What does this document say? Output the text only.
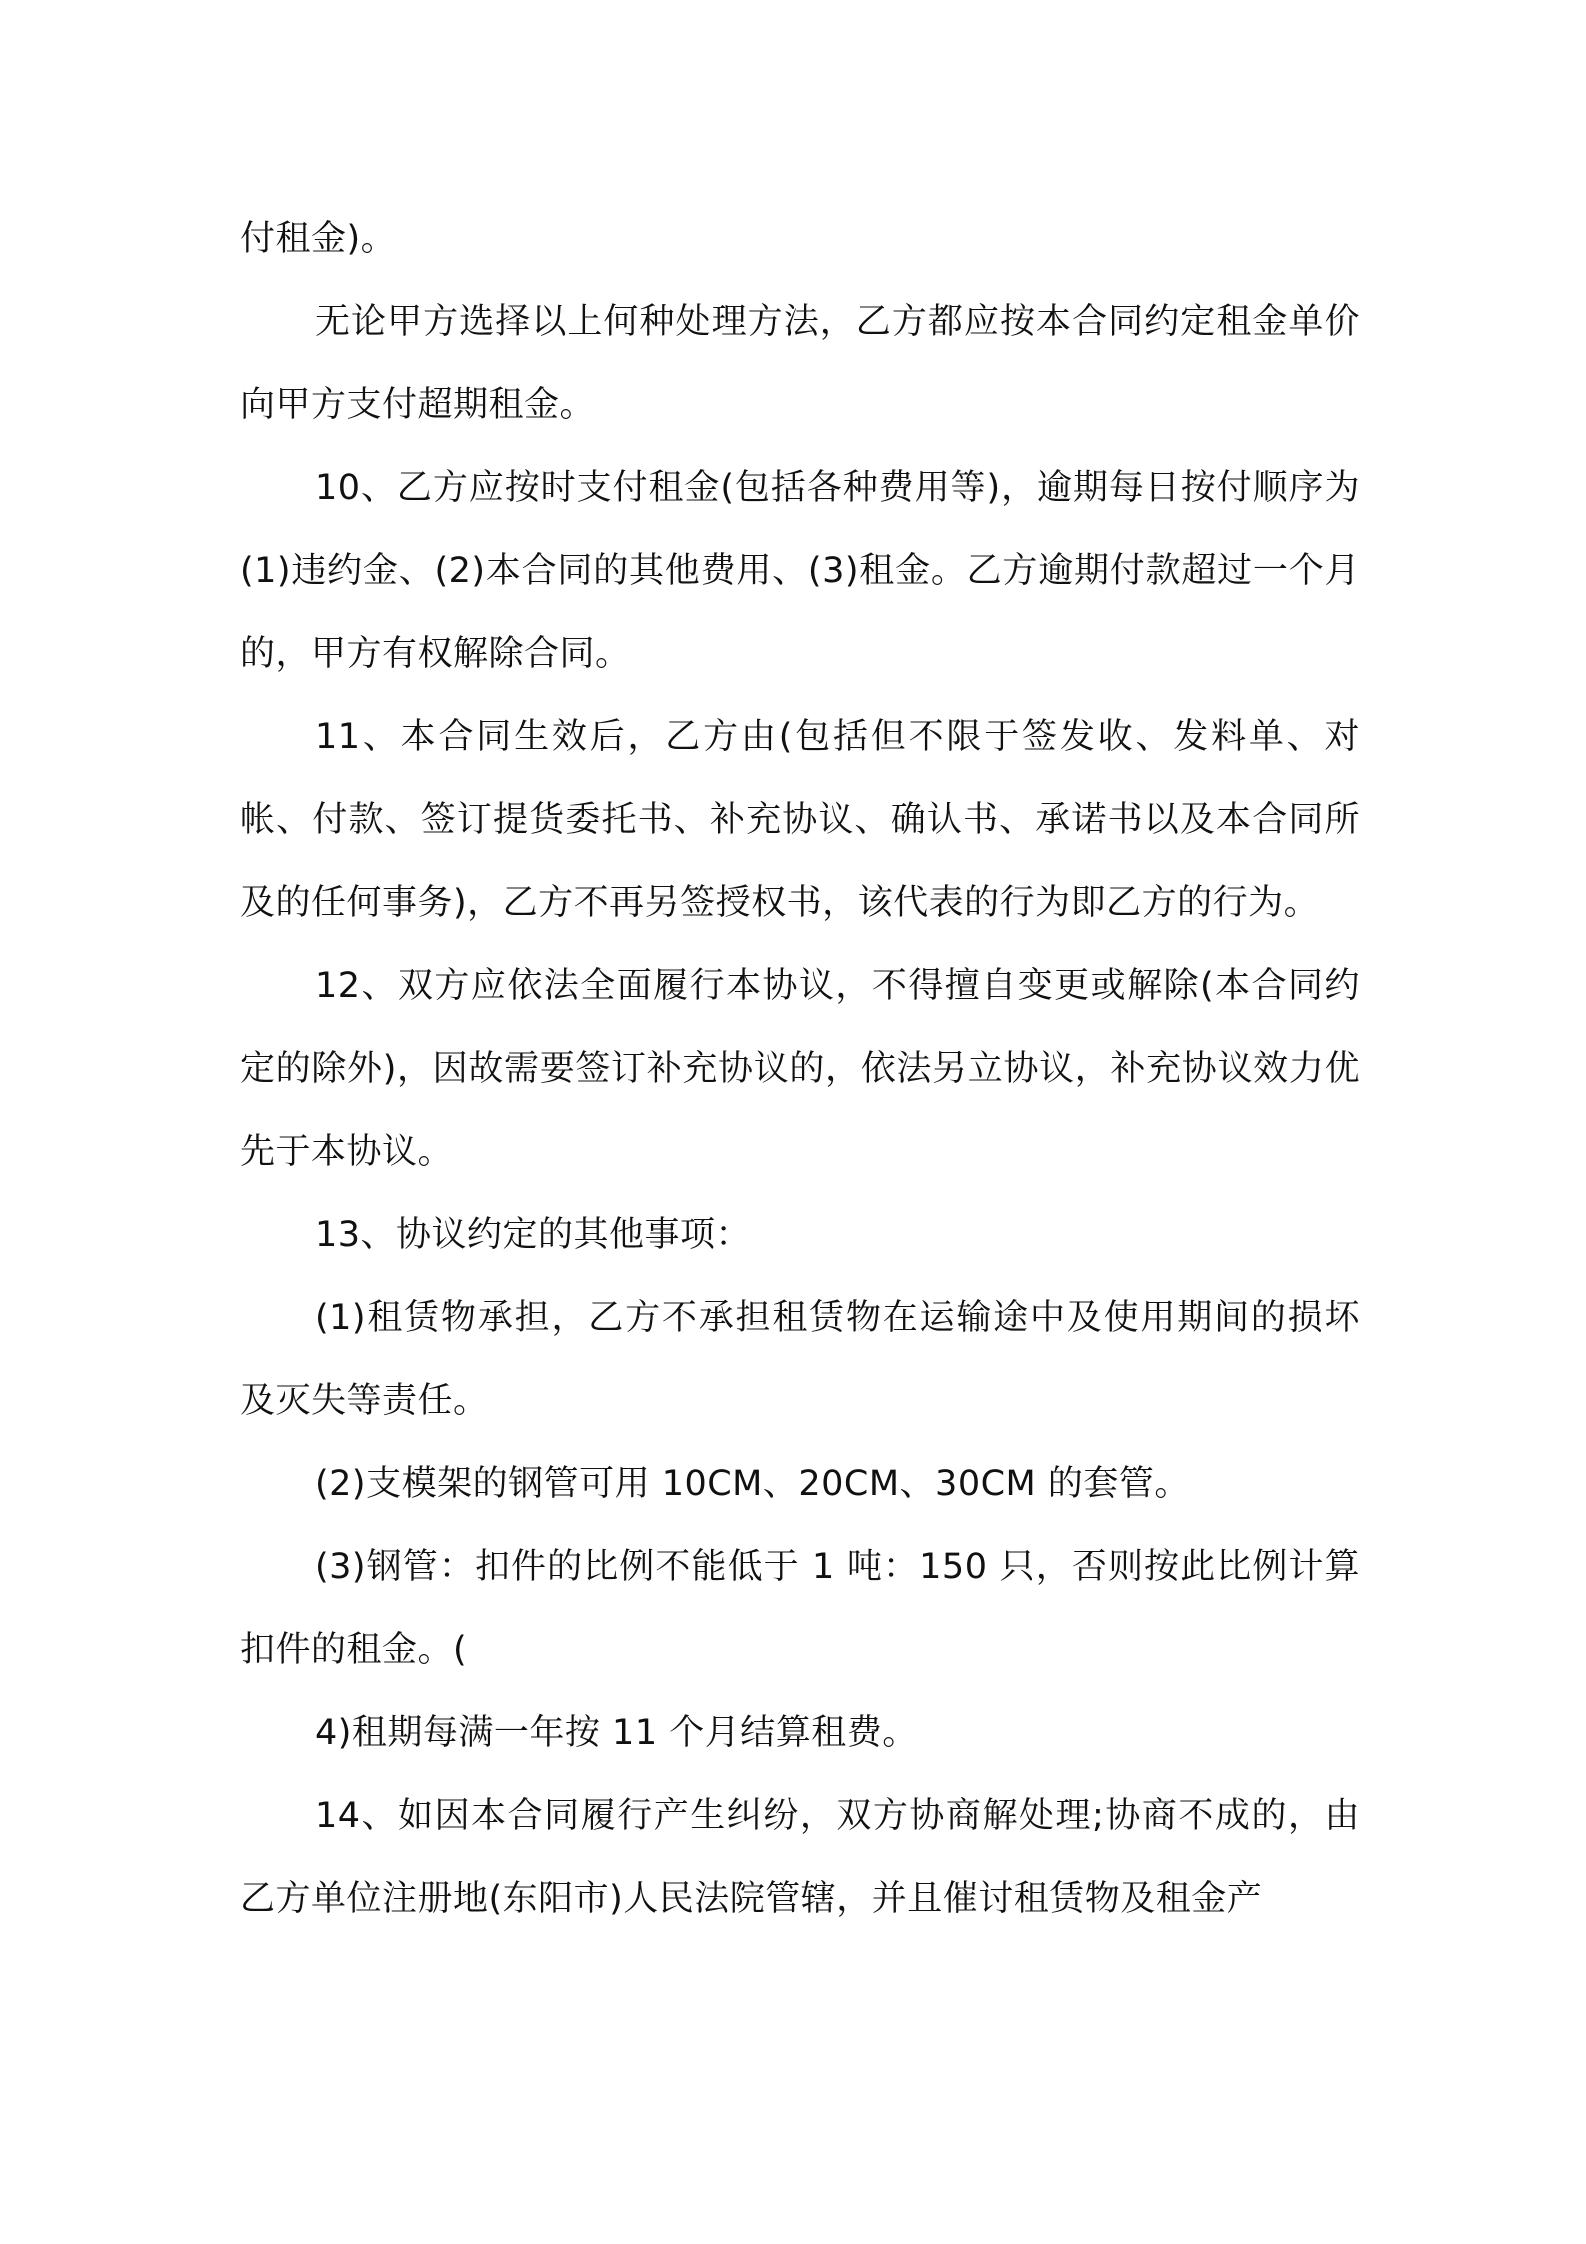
付租金)。

无论甲方选择以上何种处理方法，乙方都应按本合同约定租金单价向甲方支付超期租金。

10、乙方应按时支付租金(包括各种费用等)，逾期每日按付顺序为(1)违约金、(2)本合同的其他费用、(3)租金。乙方逾期付款超过一个月的，甲方有权解除合同。

11、本合同生效后，乙方由(包括但不限于签发收、发料单、对帐、付款、签订提货委托书、补充协议、确认书、承诺书以及本合同所及的任何事务)，乙方不再另签授权书，该代表的行为即乙方的行为。

12、双方应依法全面履行本协议，不得擅自变更或解除(本合同约定的除外)，因故需要签订补充协议的，依法另立协议，补充协议效力优先于本协议。

13、协议约定的其他事项：

(1)租赁物承担，乙方不承担租赁物在运输途中及使用期间的损坏及灭失等责任。

(2)支模架的钢管可用 10CM、20CM、30CM 的套管。

(3)钢管：扣件的比例不能低于 1 吨：150 只，否则按此比例计算扣件的租金。(

4)租期每满一年按 11 个月结算租费。

14、如因本合同履行产生纠纷，双方协商解处理;协商不成的，由乙方单位注册地(东阳市)人民法院管辖，并且催讨租赁物及租金产
